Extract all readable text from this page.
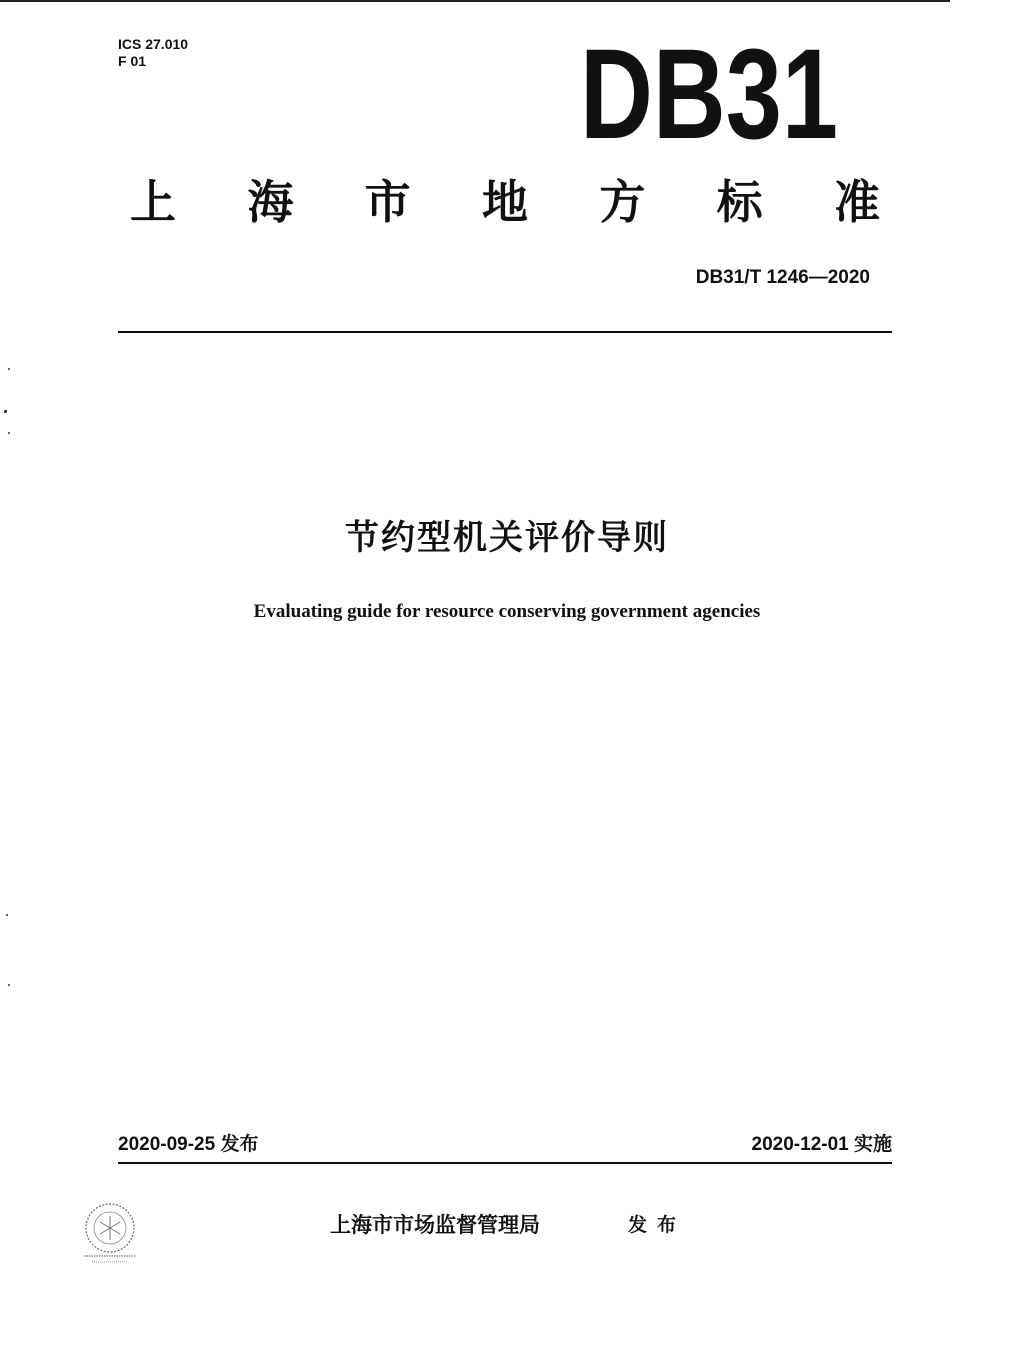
ICS 27.010
F 01	DB31
上 海 市 地 方 标 准
DB31/T 1246—2020
节约型机关评价导则
Evaluating guide for resource conserving government agencies
2020-09-25 发布	2020-12-01 实施
上海市市场监督管理局	发布
